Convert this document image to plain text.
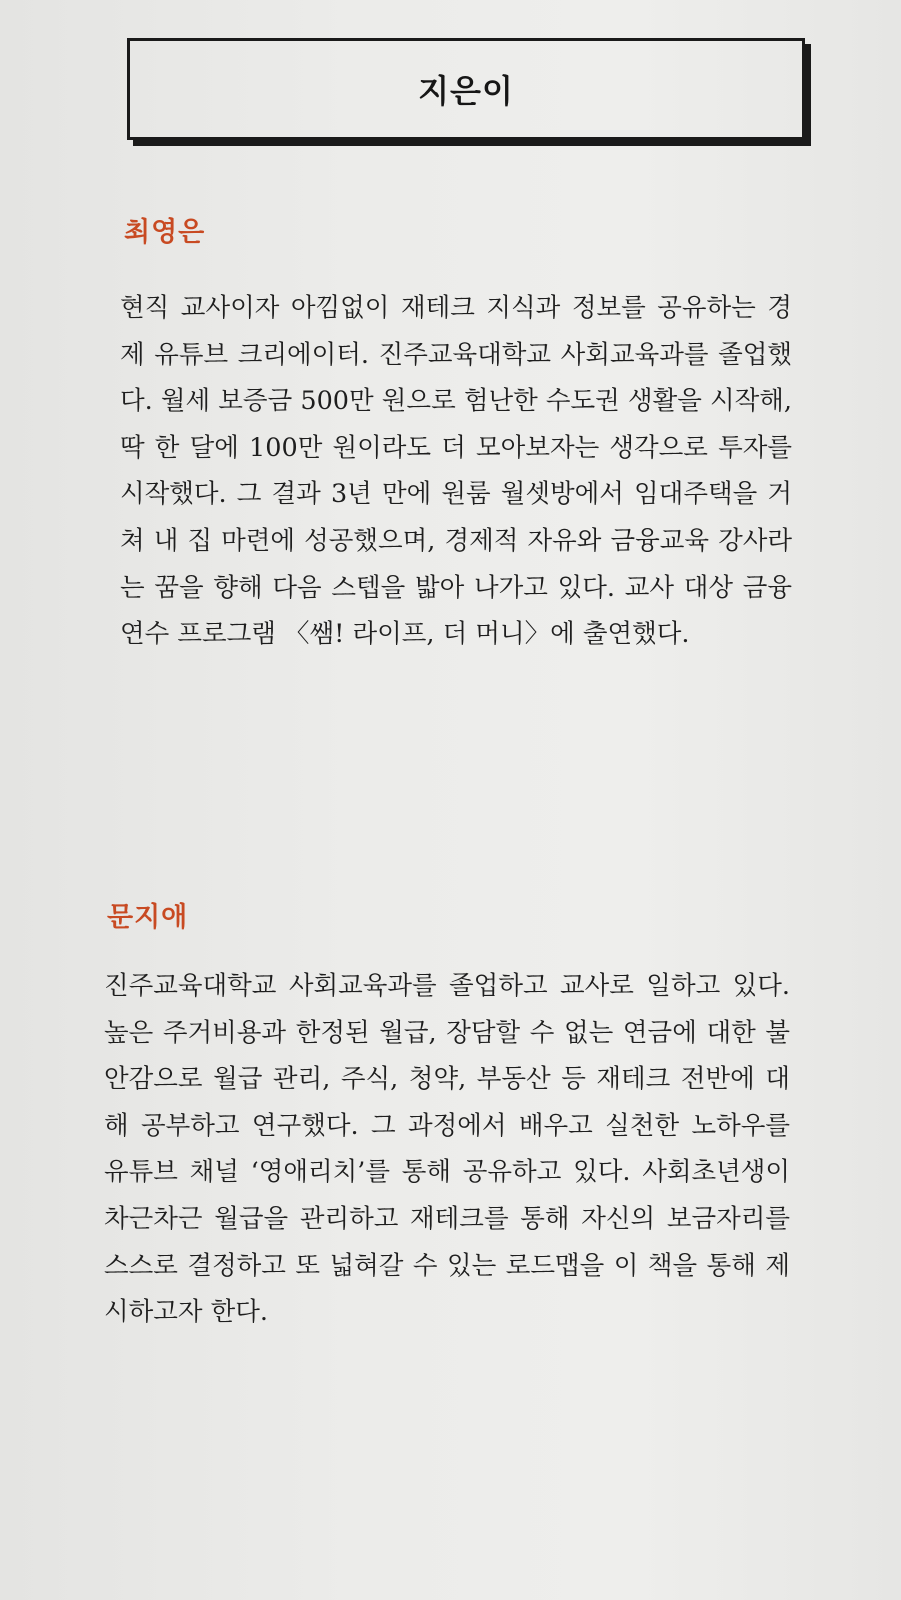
지은이
최영은

현직 교사이자 아낌없이 재테크 지식과 정보를 공유하는 경제 유튜브 크리에이터. 진주교육대학교 사회교육과를 졸업했다. 월세 보증금 500만 원으로 험난한 수도권 생활을 시작해, 딱 한 달에 100만 원이라도 더 모아보자는 생각으로 투자를 시작했다. 그 결과 3년 만에 원룸 월셋방에서 임대주택을 거쳐 내 집 마련에 성공했으며, 경제적 자유와 금융교육 강사라는 꿈을 향해 다음 스텝을 밟아 나가고 있다. 교사 대상 금융연수 프로그램 〈쌤! 라이프, 더 머니〉에 출연했다.

문지애

진주교육대학교 사회교육과를 졸업하고 교사로 일하고 있다. 높은 주거비용과 한정된 월급, 장담할 수 없는 연금에 대한 불안감으로 월급 관리, 주식, 청약, 부동산 등 재테크 전반에 대해 공부하고 연구했다. 그 과정에서 배우고 실천한 노하우를 유튜브 채널 ‘영애리치’를 통해 공유하고 있다. 사회초년생이 차근차근 월급을 관리하고 재테크를 통해 자신의 보금자리를 스스로 결정하고 또 넓혀갈 수 있는 로드맵을 이 책을 통해 제시하고자 한다.
